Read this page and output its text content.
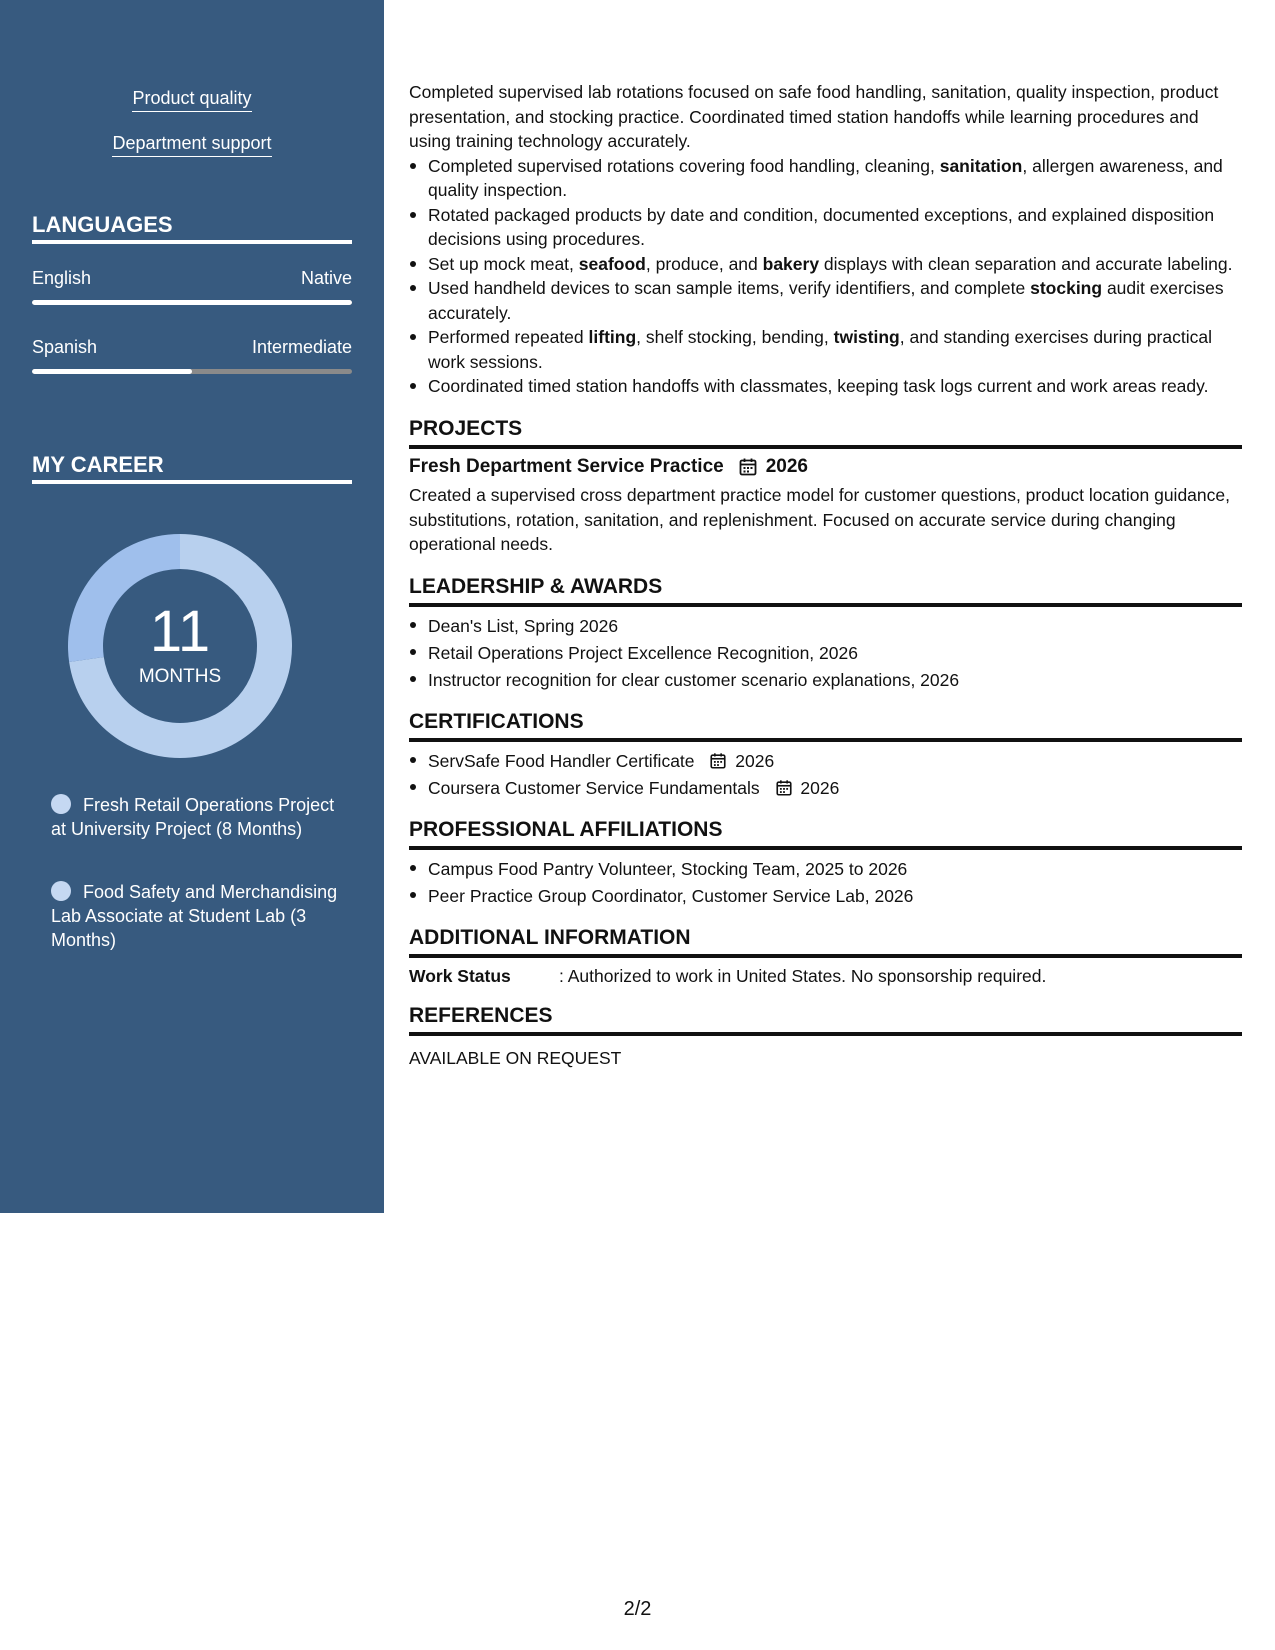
Product quality
Department support
LANGUAGES
English	Native
Spanish	Intermediate
MY CAREER
11
MONTHS
Fresh Retail Operations Project at University Project (8 Months)
Food Safety and Merchandising Lab Associate at Student Lab (3 Months)

Completed supervised lab rotations focused on safe food handling, sanitation, quality inspection, product presentation, and stocking practice. Coordinated timed station handoffs while learning procedures and using training technology accurately.

Completed supervised rotations covering food handling, cleaning, sanitation, allergen awareness, and quality inspection.
Rotated packaged products by date and condition, documented exceptions, and explained disposition decisions using procedures.
Set up mock meat, seafood, produce, and bakery displays with clean separation and accurate labeling.
Used handheld devices to scan sample items, verify identifiers, and complete stocking audit exercises accurately.
Performed repeated lifting, shelf stocking, bending, twisting, and standing exercises during practical work sessions.
Coordinated timed station handoffs with classmates, keeping task logs current and work areas ready.
PROJECTS
Fresh Department Service Practice 2026

Created a supervised cross department practice model for customer questions, product location guidance, substitutions, rotation, sanitation, and replenishment. Focused on accurate service during changing operational needs.

LEADERSHIP & AWARDS
Dean's List, Spring 2026
Retail Operations Project Excellence Recognition, 2026
Instructor recognition for clear customer scenario explanations, 2026
CERTIFICATIONS
ServSafe Food Handler Certificate 2026
Coursera Customer Service Fundamentals 2026
PROFESSIONAL AFFILIATIONS
Campus Food Pantry Volunteer, Stocking Team, 2025 to 2026
Peer Practice Group Coordinator, Customer Service Lab, 2026
ADDITIONAL INFORMATION
Work Status	: Authorized to work in United States. No sponsorship required.
REFERENCES

AVAILABLE ON REQUEST

2/2
